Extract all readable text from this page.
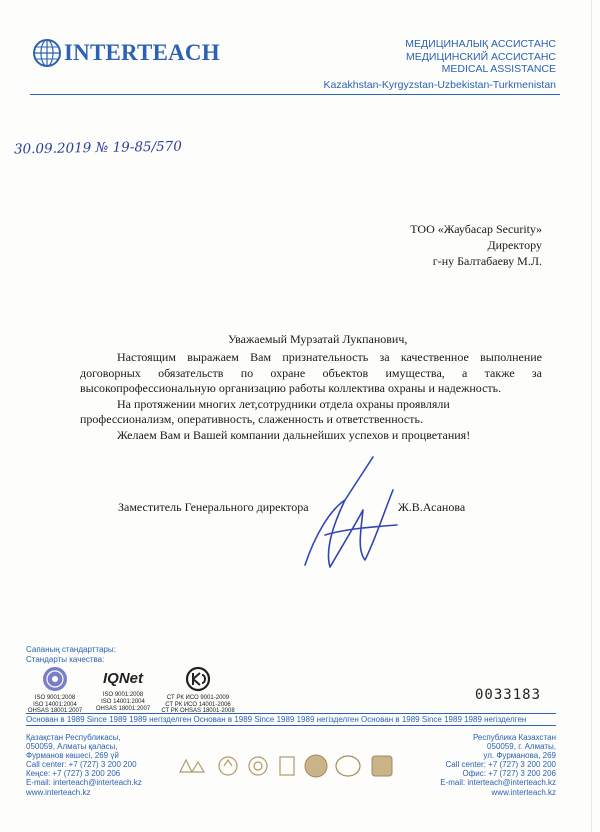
INTERTEACH	МЕДИЦИНАЛЫҚ АССИСТАНС
МЕДИЦИНСКИЙ АССИСТАНС
MEDICAL ASSISTANCE
Kazakhstan-Kyrgyzstan-Uzbekistan-Turkmenistan
30.09.2019 № 19-85/570
ТОО «Жаубасар Security»
Директору
г-ну Балтабаеву М.Л.
Уважаемый Мурзатай Лукпанович,

Настоящим выражаем Вам признательность за качественное выполнение договорных обязательств по охране объектов имущества, а также за высокопрофессиональную организацию работы коллектива охраны и надежность.

На протяжении многих лет,сотрудники отдела охраны проявляли профессионализм, оперативность, слаженность и ответственность.

Желаем Вам и Вашей компании дальнейших успехов и процветания!

Заместитель Генерального директора	Ж.В.Асанова
Сапаның стандарттары:
Стандарты качества:
ISO 9001:2008
ISO 14001:2004
OHSAS 18001:2007
IQNet
ISO 9001:2008
ISO 14001:2004
OHSAS 18001:2007
СТ РК ИСО 9001-2009
СТ РК ИСО 14001-2006
СТ РК OHSAS 18001-2008
0033183
Основан в 1989 Since 1989 1989 негізделген Основан в 1989 Since 1989 1989 негізделген Основан в 1989 Since 1989 1989 негізделген
Қазақстан Республикасы,
050059, Алматы қаласы,
Фурманов көшесі, 269 үй
Республика Казахстан
050059, г. Алматы,
ул. Фурманова, 269
Call center: +7 (727) 3 200 200
Кеңсе: +7 (727) 3 200 206
E-mail: interteach@interteach.kz
www.interteach.kz
Call center: +7 (727) 3 200 200
Офис: +7 (727) 3 200 206
E-mail: interteach@interteach.kz
www.interteach.kz
